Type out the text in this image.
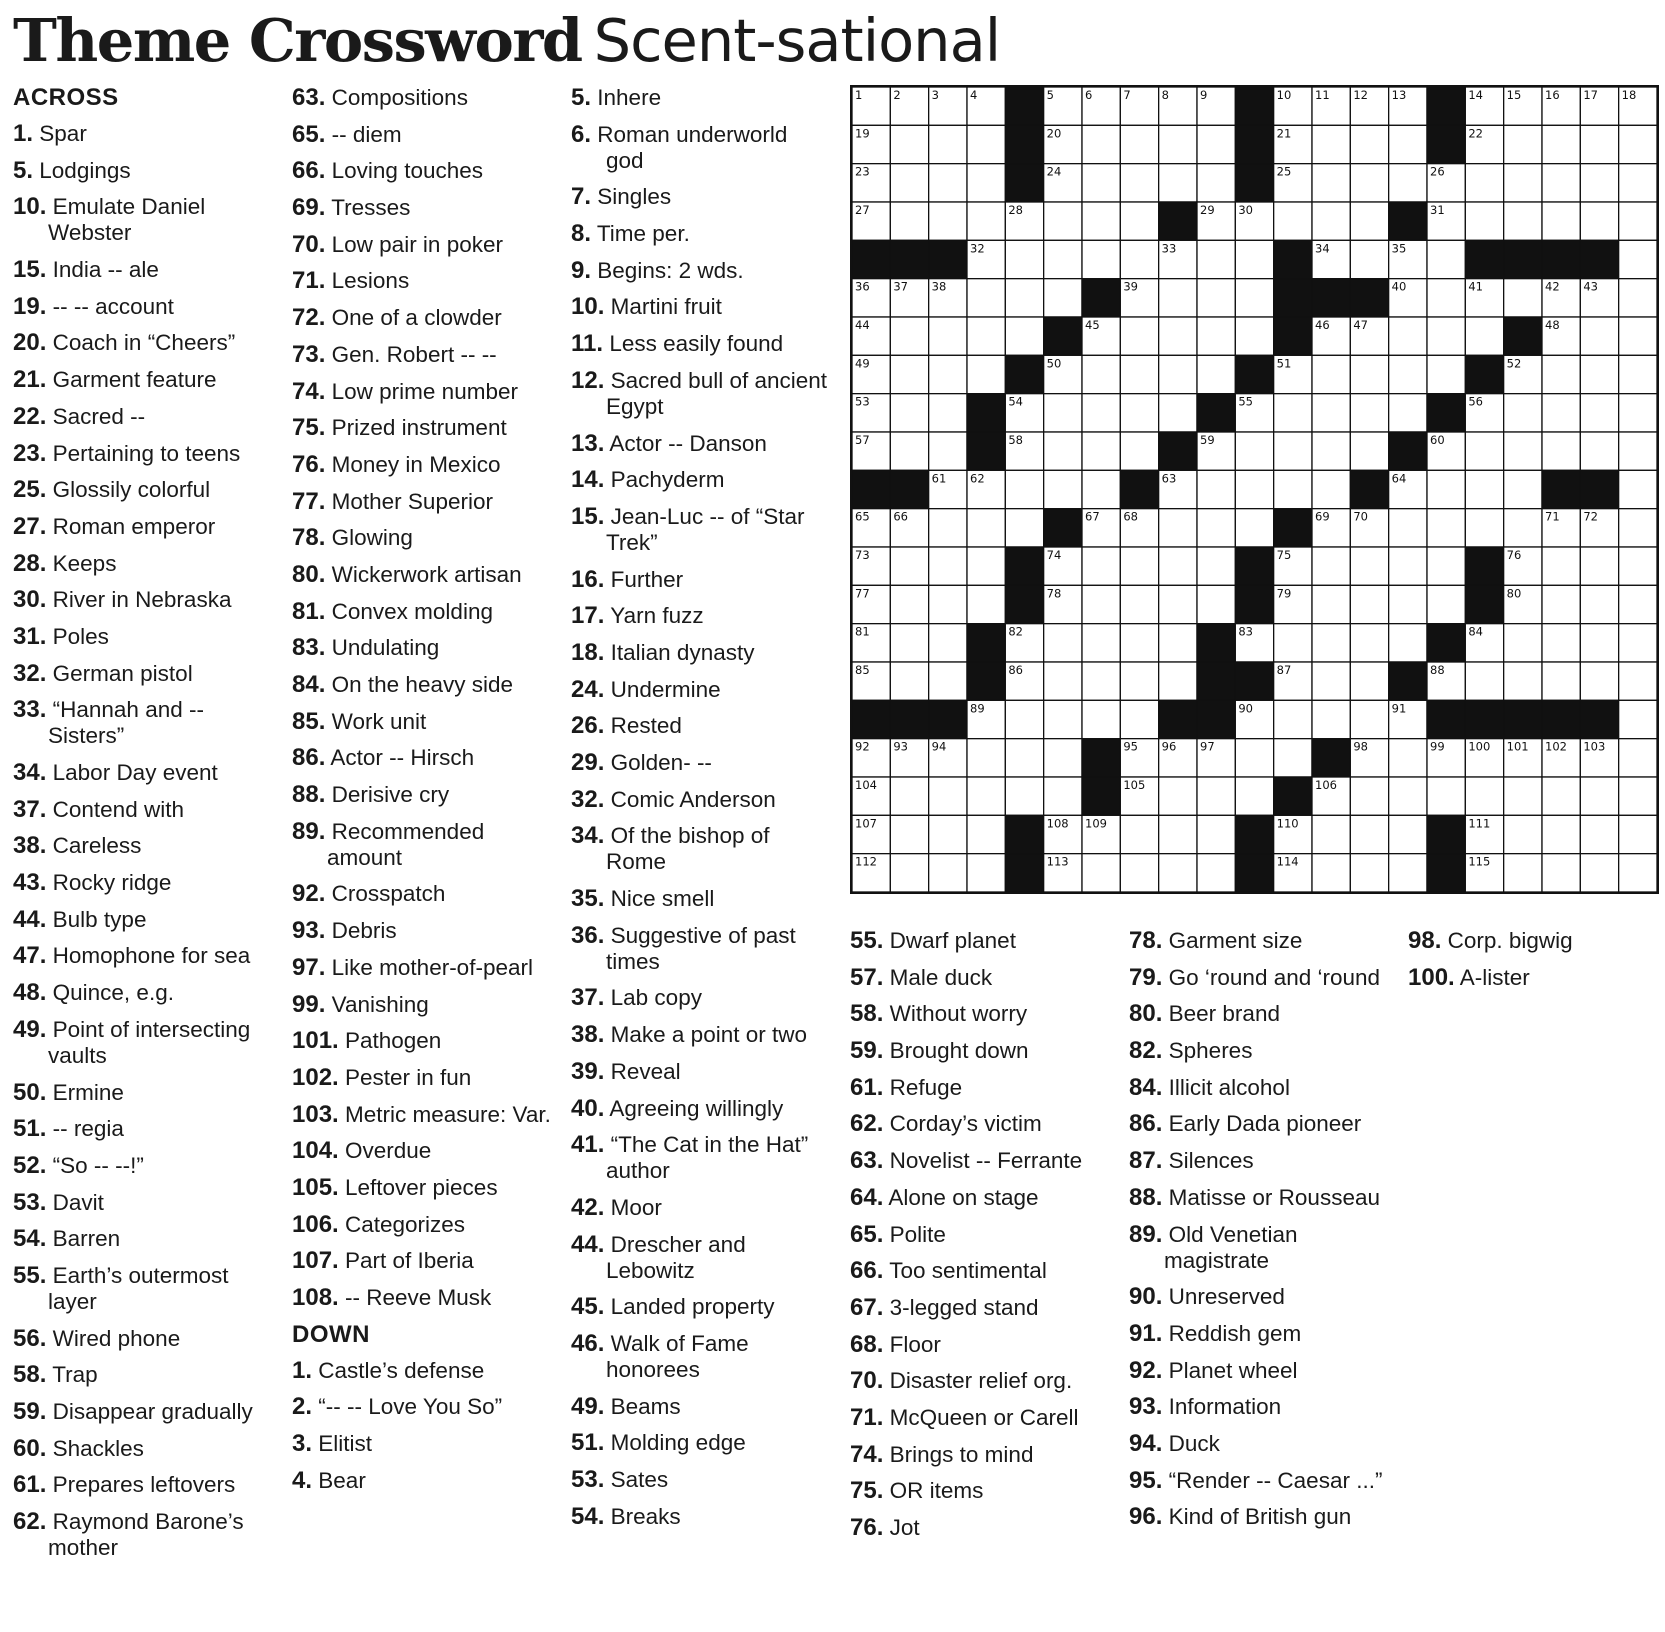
Theme Crossword Scent-sational
ACROSS
1. Spar
5. Lodgings
10. Emulate Daniel Webster
15. India -- ale
19. -- -- account
20. Coach in “Cheers”
21. Garment feature
22. Sacred --
23. Pertaining to teens
25. Glossily colorful
27. Roman emperor
28. Keeps
30. River in Nebraska
31. Poles
32. German pistol
33. “Hannah and -- Sisters”
34. Labor Day event
37. Contend with
38. Careless
43. Rocky ridge
44. Bulb type
47. Homophone for sea
48. Quince, e.g.
49. Point of intersecting vaults
50. Ermine
51. -- regia
52. “So -- --!”
53. Davit
54. Barren
55. Earth’s outermost layer
56. Wired phone
58. Trap
59. Disappear gradually
60. Shackles
61. Prepares leftovers
62. Raymond Barone’s mother
63. Compositions
65. -- diem
66. Loving touches
69. Tresses
70. Low pair in poker
71. Lesions
72. One of a clowder
73. Gen. Robert -- --
74. Low prime number
75. Prized instrument
76. Money in Mexico
77. Mother Superior
78. Glowing
80. Wickerwork artisan
81. Convex molding
83. Undulating
84. On the heavy side
85. Work unit
86. Actor -- Hirsch
88. Derisive cry
89. Recommended amount
92. Crosspatch
93. Debris
97. Like mother-of-pearl
99. Vanishing
101. Pathogen
102. Pester in fun
103. Metric measure: Var.
104. Overdue
105. Leftover pieces
106. Categorizes
107. Part of Iberia
108. -- Reeve Musk
DOWN
1. Castle’s defense
2. “-- -- Love You So”
3. Elitist
4. Bear
5. Inhere
6. Roman underworld god
7. Singles
8. Time per.
9. Begins: 2 wds.
10. Martini fruit
11. Less easily found
12. Sacred bull of ancient Egypt
13. Actor -- Danson
14. Pachyderm
15. Jean-Luc -- of “Star Trek”
16. Further
17. Yarn fuzz
18. Italian dynasty
24. Undermine
26. Rested
29. Golden- --
32. Comic Anderson
34. Of the bishop of Rome
35. Nice smell
36. Suggestive of past times
37. Lab copy
38. Make a point or two
39. Reveal
40. Agreeing willingly
41. “The Cat in the Hat” author
42. Moor
44. Drescher and Lebowitz
45. Landed property
46. Walk of Fame honorees
49. Beams
51. Molding edge
53. Sates
54. Breaks
55. Dwarf planet
57. Male duck
58. Without worry
59. Brought down
61. Refuge
62. Corday’s victim
63. Novelist -- Ferrante
64. Alone on stage
65. Polite
66. Too sentimental
67. 3-legged stand
68. Floor
70. Disaster relief org.
71. McQueen or Carell
74. Brings to mind
75. OR items
76. Jot
78. Garment size
79. Go ‘round and ‘round
80. Beer brand
82. Spheres
84. Illicit alcohol
86. Early Dada pioneer
87. Silences
88. Matisse or Rousseau
89. Old Venetian magistrate
90. Unreserved
91. Reddish gem
92. Planet wheel
93. Information
94. Duck
95. “Render -- Caesar ...”
96. Kind of British gun
98. Corp. bigwig
100. A-lister
1	2	3	4	5	6	7	8	9	10 11 12 13	14 15 16 17 18
19	20	21	22
23	24	25	26
27	28	29 30	31
32	33	34	35
36 37 38	39	40	41	42 43
44	45	46 47	48
49	50	51	52
53	54	55	56
57	58	59	60
61 62	63	64
65 66	67 68	69 70	71 72
73	74	75	76
77	78	79	80
81	82	83	84
85	86	87	88
89	90	91
92 93 94	95 96 97	98	99 100 101 102 103
104	105	106
107	108 109	110	111
112	113	114	115
